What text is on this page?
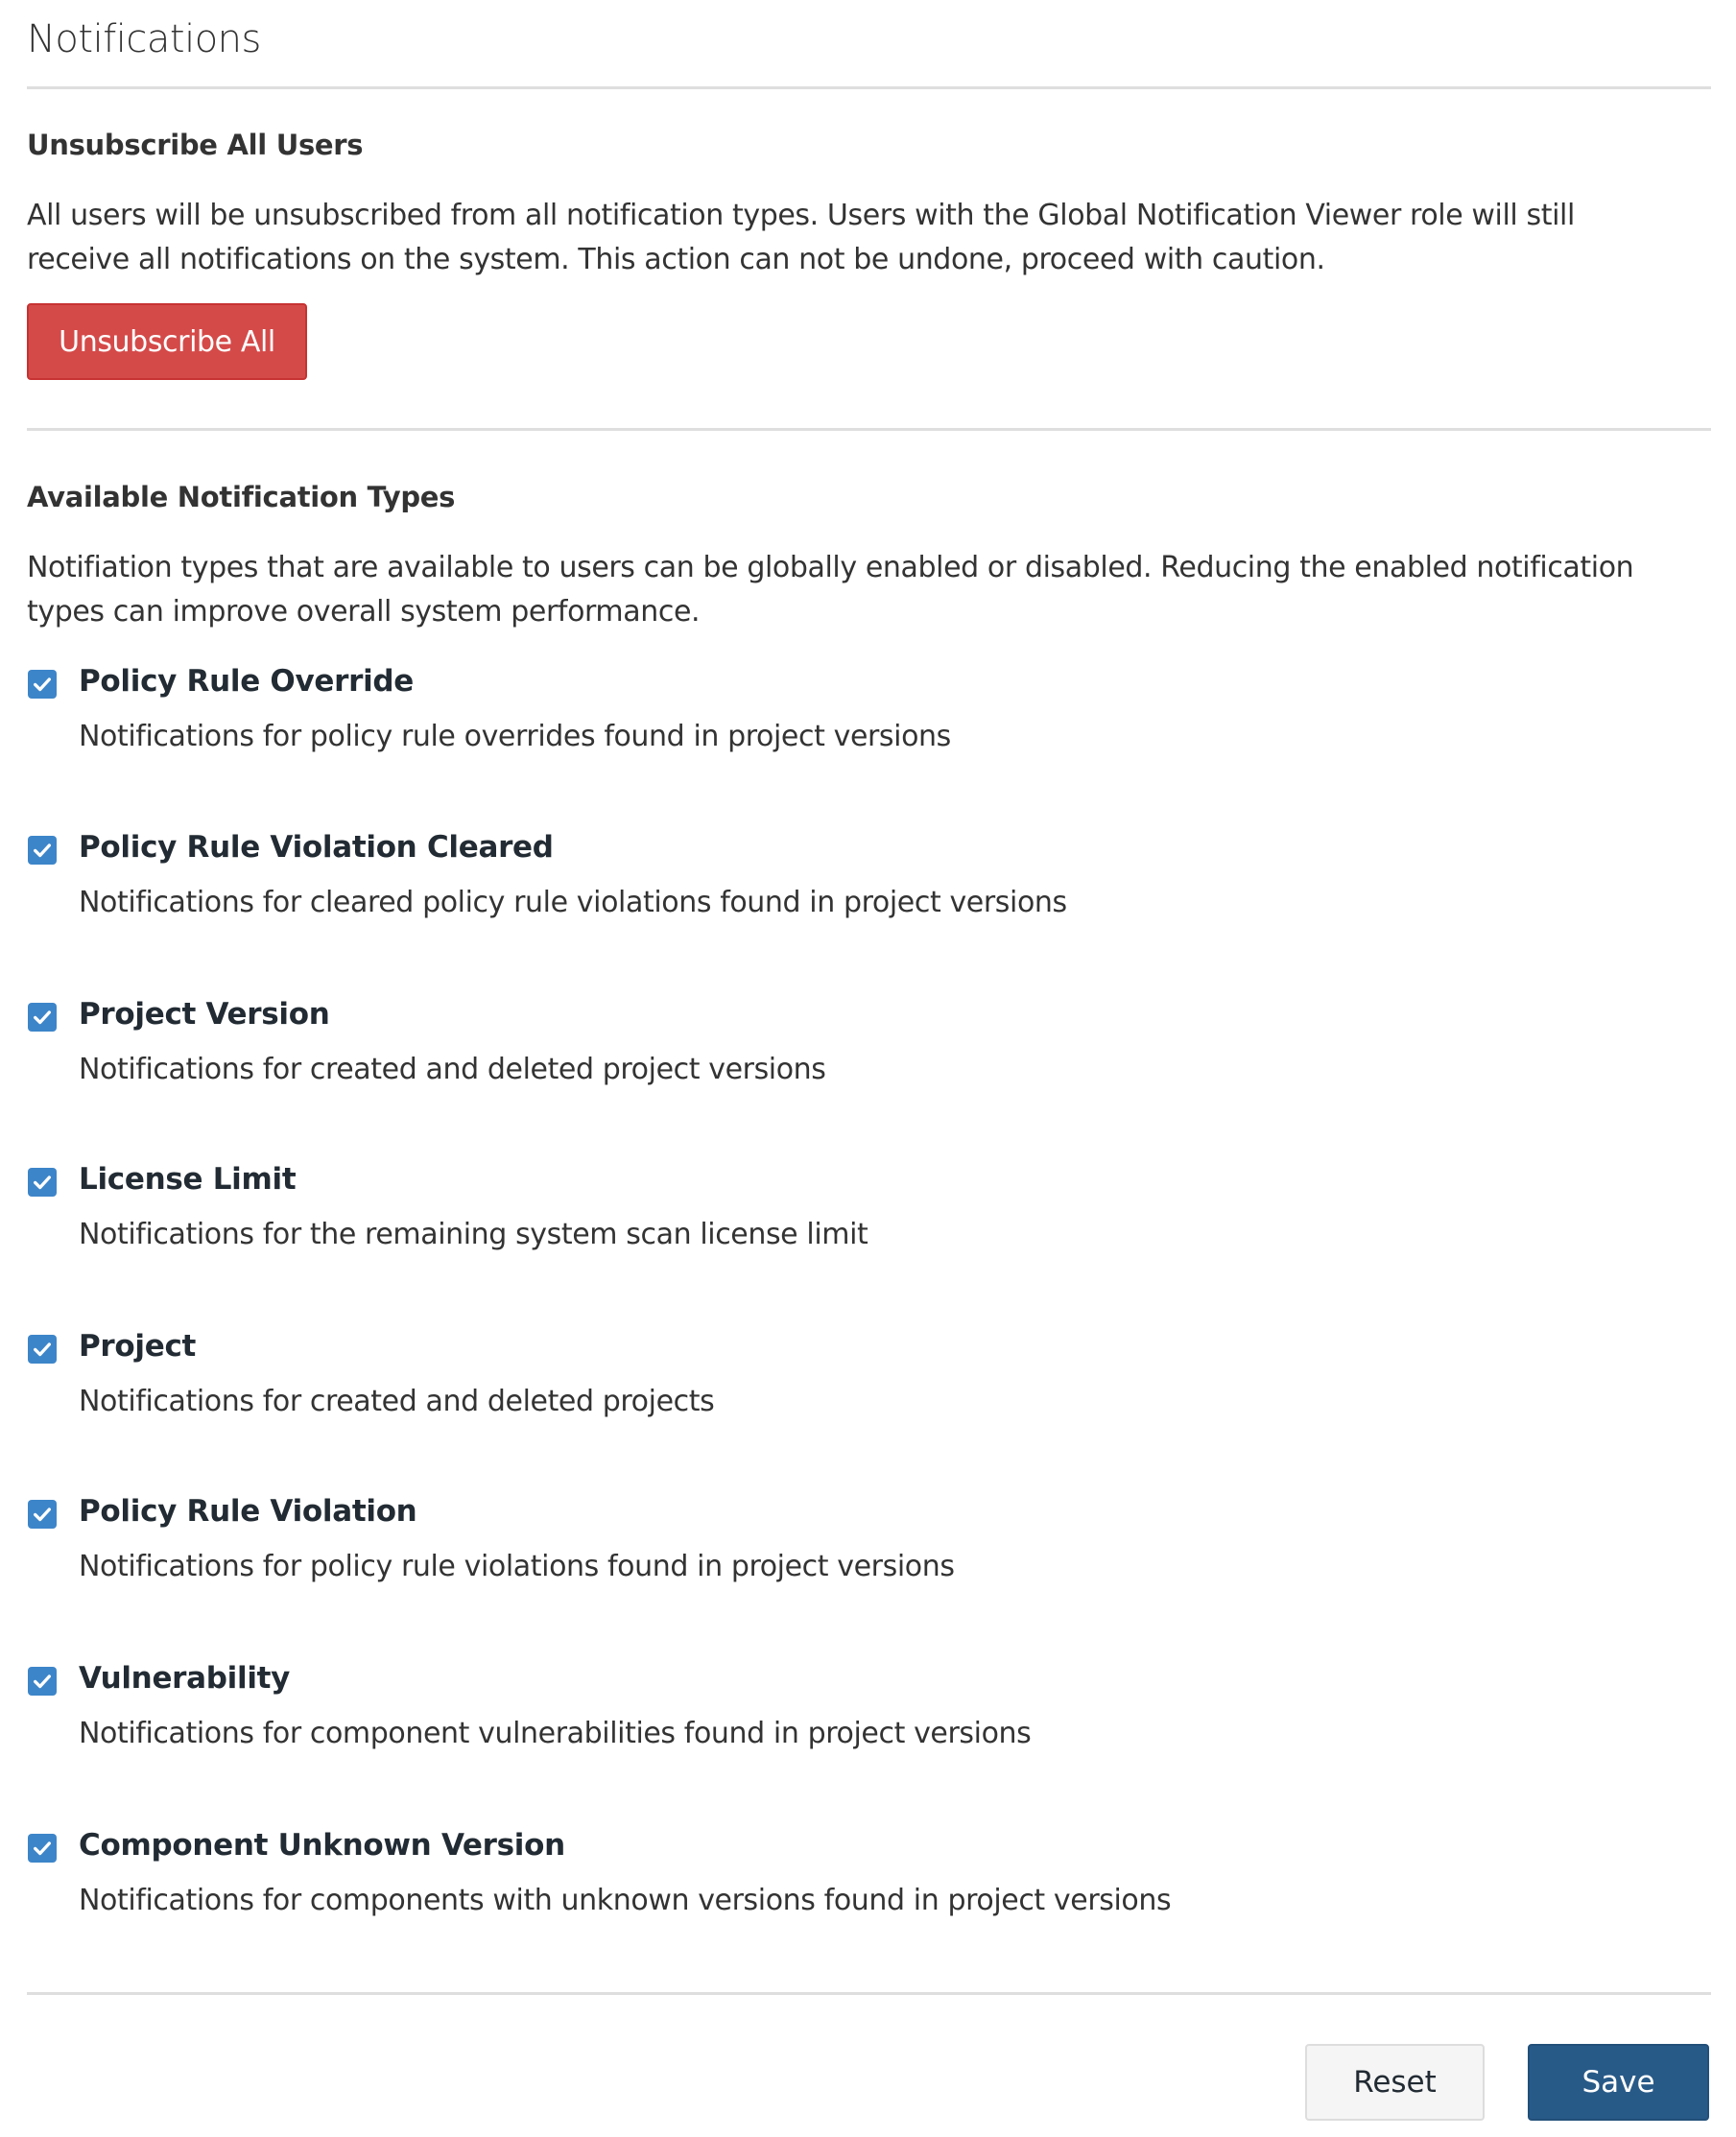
Notifications
Unsubscribe All Users
All users will be unsubscribed from all notification types. Users with the Global Notification Viewer role will still
receive all notifications on the system. This action can not be undone, proceed with caution.
Unsubscribe All
Available Notification Types
Notifiation types that are available to users can be globally enabled or disabled. Reducing the enabled notification
types can improve overall system performance.
Policy Rule Override
Notifications for policy rule overrides found in project versions
Policy Rule Violation Cleared
Notifications for cleared policy rule violations found in project versions
Project Version
Notifications for created and deleted project versions
License Limit
Notifications for the remaining system scan license limit
Project
Notifications for created and deleted projects
Policy Rule Violation
Notifications for policy rule violations found in project versions
Vulnerability
Notifications for component vulnerabilities found in project versions
Component Unknown Version
Notifications for components with unknown versions found in project versions
Reset	Save
